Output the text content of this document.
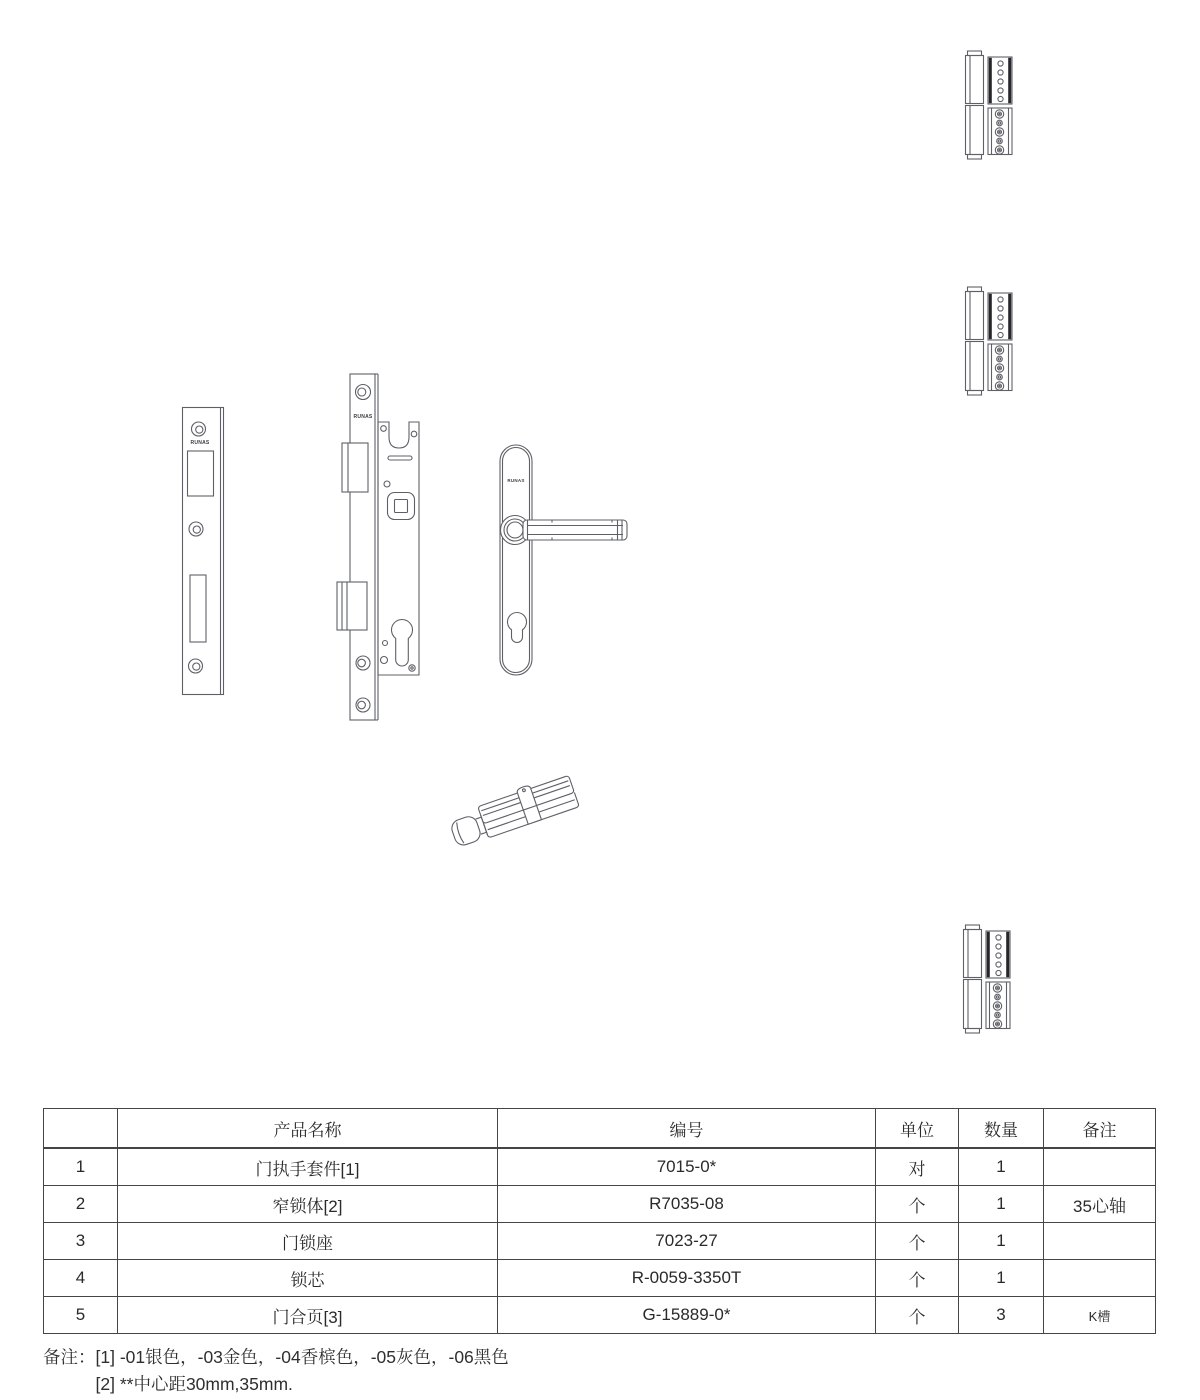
RUNAS
RUNAS
RUNAS
	产品名称	编号	单位	数量	备注
1	门执手套件[1]	7015-0*	对	1	
2	窄锁体[2]	R7035-08	个	1	35心轴
3	门锁座	7023-27	个	1	
4	锁芯	R-0059-3350T	个	1	
5	门合页[3]	G-15889-0*	个	3	K槽
备注： [1] -01银色，-03金色，-04香槟色，-05灰色，-06黑色
[2] **中心距30mm,35mm.
